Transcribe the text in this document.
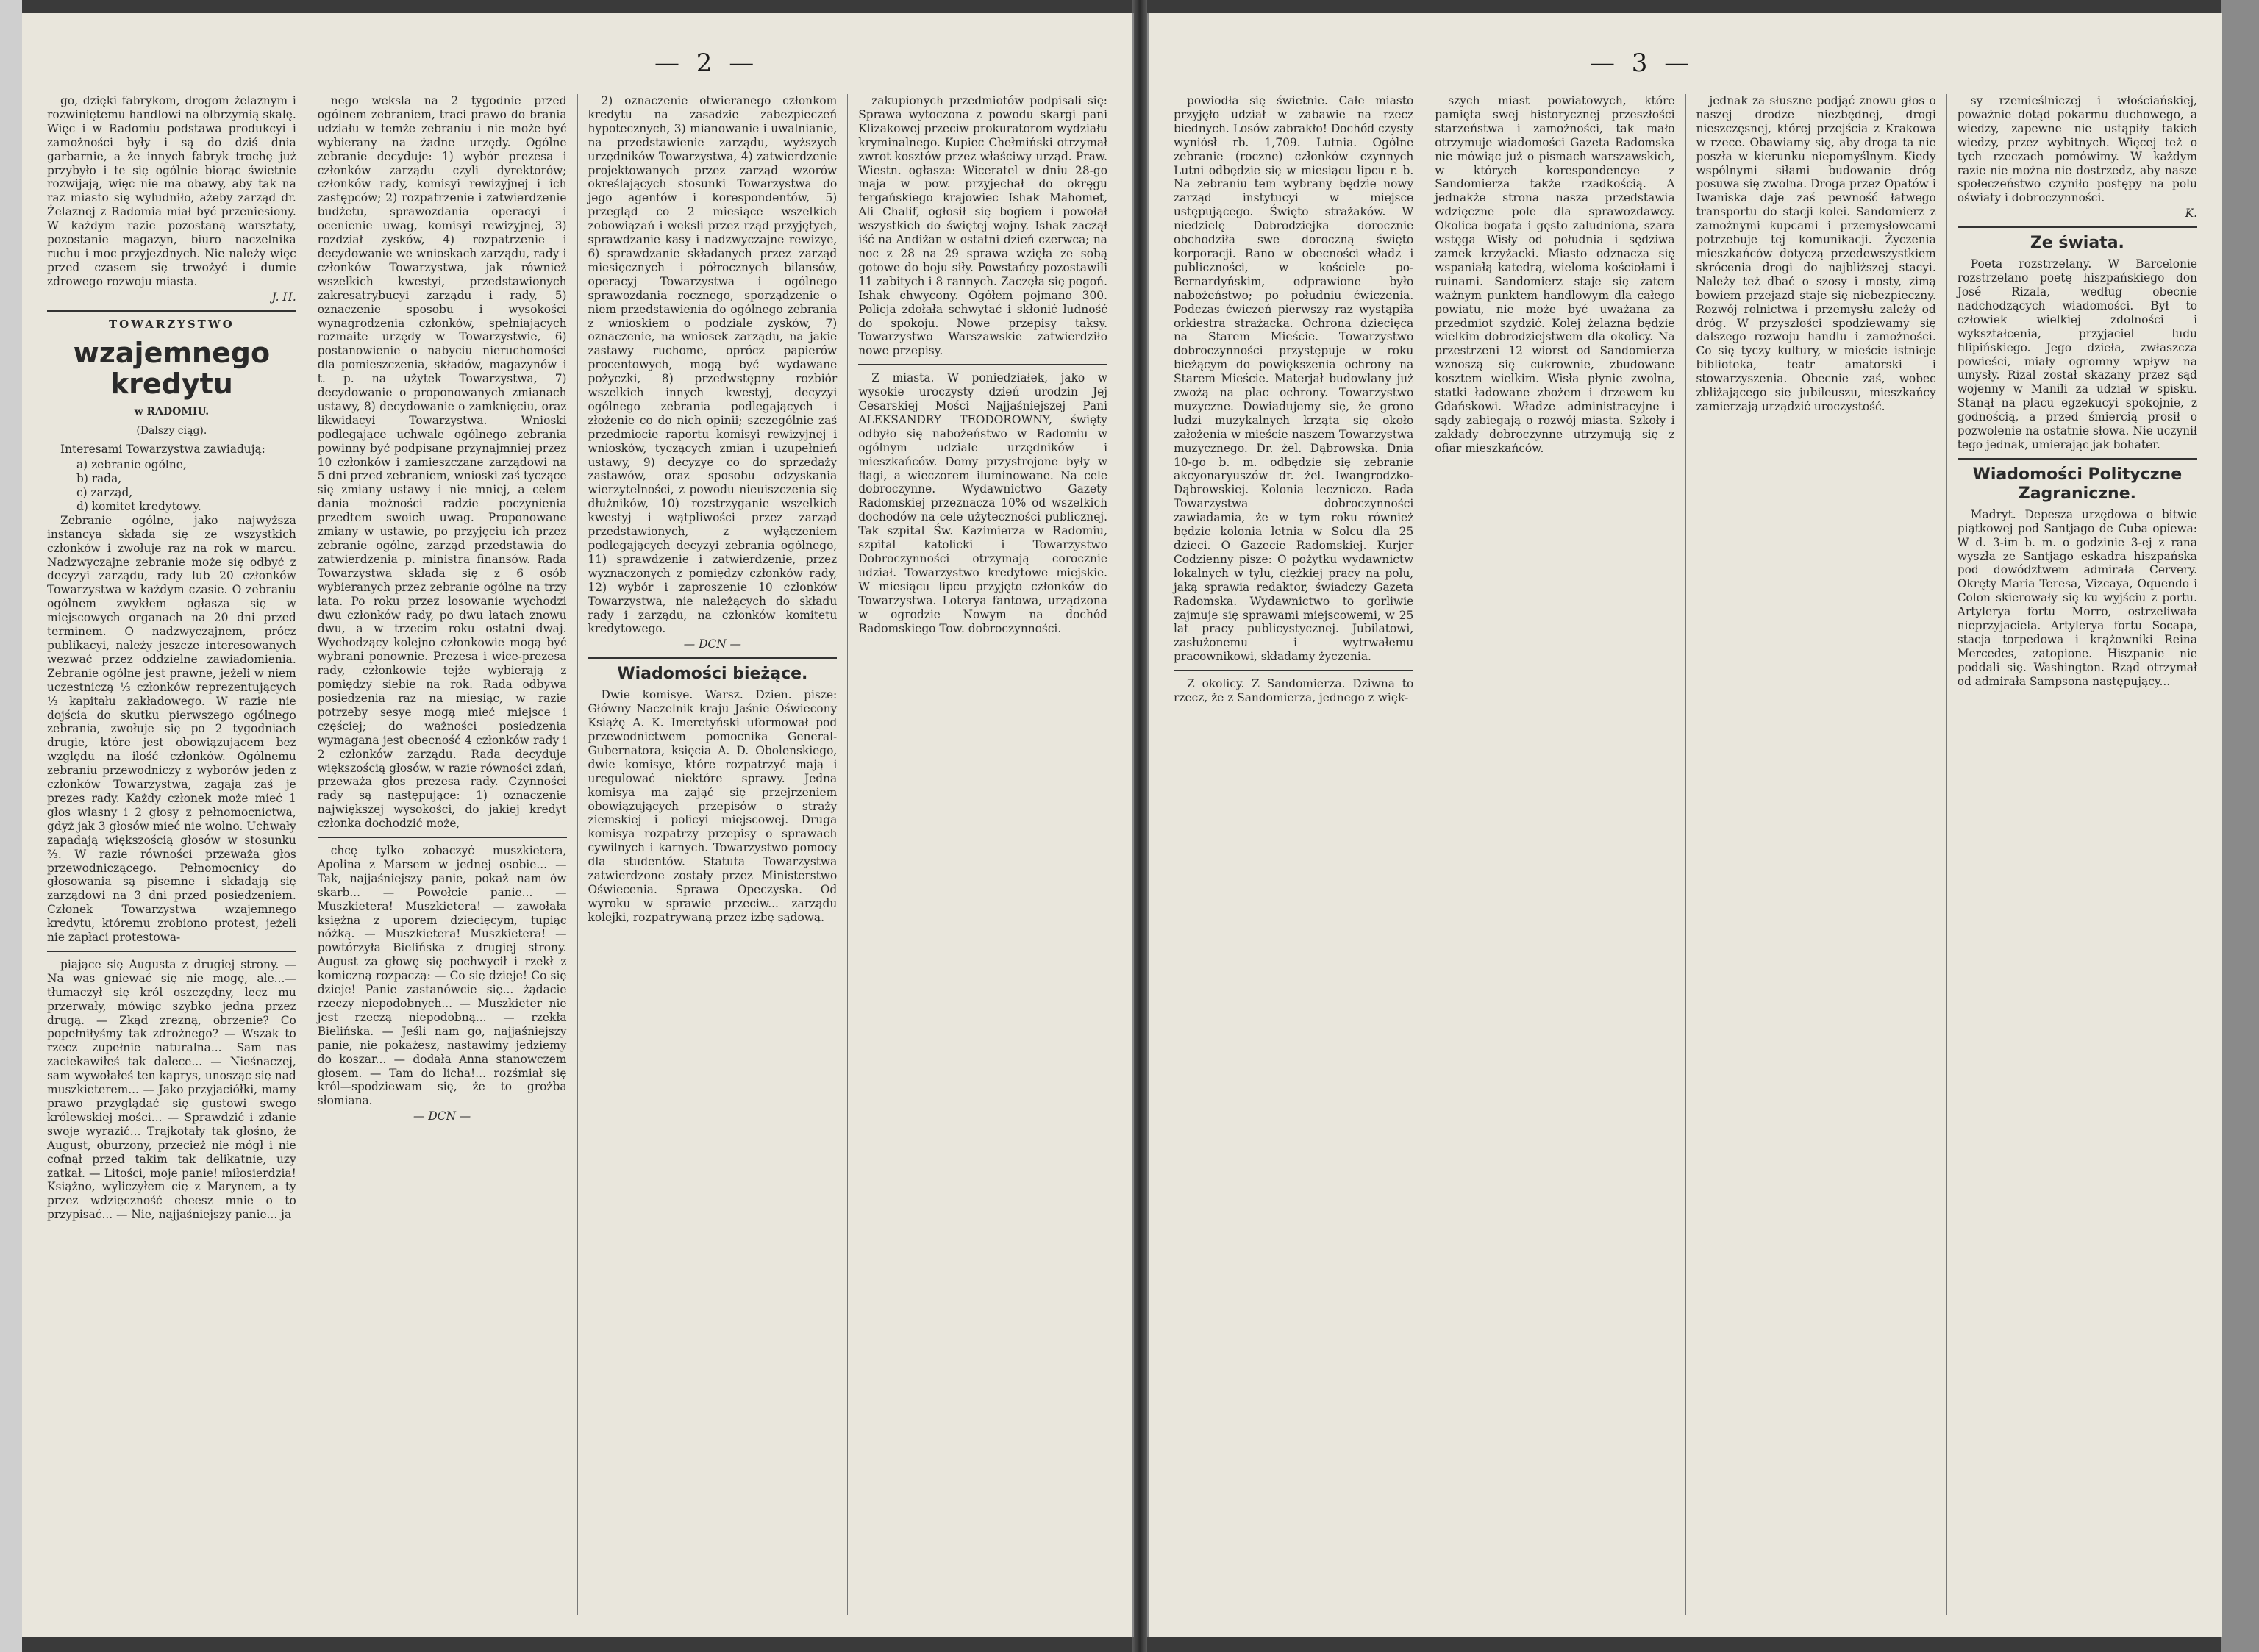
— 2 —

go, dzięki fabrykom, drogom żelaznym i rozwiniętemu handlowi na olbrzymią skalę. Więc i w Radomiu podstawa produkcyi i zamożności były i są do dziś dnia garbarnie, a że innych fabryk trochę już przybyło i te się ogólnie biorąc świetnie rozwijają, więc nie ma obawy, aby tak na raz miasto się wyludniło, ażeby zarząd dr. Żelaznej z Radomia miał być przeniesiony. W każdym razie pozostaną warsztaty, pozostanie magazyn, biuro naczelnika ruchu i moc przyjezdnych. Nie należy więc przed czasem się trwożyć i dumie zdrowego rozwoju miasta.

J. H.
TOWARZYSTWO
wzajemnego kredytu
w RADOMIU.
(Dalszy ciąg).

Interesami Towarzystwa zawiadują:

a) zebranie ogólne,
b) rada,
c) zarząd,
d) komitet kredytowy.

Zebranie ogólne, jako najwyższa instancya składa się ze wszystkich członków i zwołuje raz na rok w marcu. Nadzwyczajne zebranie może się odbyć z decyzyi zarządu, rady lub 20 członków Towarzystwa w każdym czasie. O zebraniu ogólnem zwykłem ogłasza się w miejscowych organach na 20 dni przed terminem. O nadzwyczajnem, prócz publikacyi, należy jeszcze interesowanych wezwać przez oddzielne zawiadomienia. Zebranie ogólne jest prawne, jeżeli w niem uczestniczą ⅓ członków reprezentujących ⅓ kapitału zakładowego. W razie nie dojścia do skutku pierwszego ogólnego zebrania, zwołuje się po 2 tygodniach drugie, które jest obowiązującem bez względu na ilość członków. Ogólnemu zebraniu przewodniczy z wyborów jeden z członków Towarzystwa, zagaja zaś je prezes rady. Każdy członek może mieć 1 głos własny i 2 głosy z pełnomocnictwa, gdyż jak 3 głosów mieć nie wolno. Uchwały zapadają większością głosów w stosunku ⅔. W razie równości przeważa głos przewodniczącego. Pełnomocnicy do głosowania są pisemne i składają się zarządowi na 3 dni przed posiedzeniem. Członek Towarzystwa wzajemnego kredytu, któremu zrobiono protest, jeżeli nie zapłaci protestowa-

piające się Augusta z drugiej strony. — Na was gniewać się nie mogę, ale...—tłumaczył się król oszczędny, lecz mu przerwały, mówiąc szybko jedna przez drugą. — Zkąd zrezną, obrzenie? Co popełniłyśmy tak zdrożnego? — Wszak to rzecz zupełnie naturalna... Sam nas zaciekawiłeś tak dalece... — Nieśnaczej, sam wywołałeś ten kaprys, unosząc się nad muszkieterem... — Jako przyjaciółki, mamy prawo przyglądać się gustowi swego królewskiej mości... — Sprawdzić i zdanie swoje wyrazić... Trajkotały tak głośno, że August, oburzony, przecież nie mógł i nie cofnął przed takim tak delikatnie, uzy zatkał. — Litości, moje panie! miłosierdzia! Książno, wyliczyłem cię z Marynem, a ty przez wdzięczność cheesz mnie o to przypisać... — Nie, najjaśniejszy panie... ja

nego weksla na 2 tygodnie przed ogólnem zebraniem, traci prawo do brania udziału w temże zebraniu i nie może być wybierany na żadne urzędy. Ogólne zebranie decyduje: 1) wybór prezesa i członków zarządu czyli dyrektorów; członków rady, komisyi rewizyjnej i ich zastępców; 2) rozpatrzenie i zatwierdzenie budżetu, sprawozdania operacyi i ocenienie uwag, komisyi rewizyjnej, 3) rozdział zysków, 4) rozpatrzenie i decydowanie we wnioskach zarządu, rady i członków Towarzystwa, jak również wszelkich kwestyi, przedstawionych zakresatrybucyi zarządu i rady, 5) oznaczenie sposobu i wysokości wynagrodzenia członków, spełniających rozmaite urzędy w Towarzystwie, 6) postanowienie o nabyciu nieruchomości dla pomieszczenia, składów, magazynów i t. p. na użytek Towarzystwa, 7) decydowanie o proponowanych zmianach ustawy, 8) decydowanie o zamknięciu, oraz likwidacyi Towarzystwa. Wnioski podlegające uchwale ogólnego zebrania powinny być podpisane przynajmniej przez 10 członków i zamieszczane zarządowi na 5 dni przed zebraniem, wnioski zaś tyczące się zmiany ustawy i nie mniej, a celem dania możności radzie poczynienia przedtem swoich uwag. Proponowane zmiany w ustawie, po przyjęciu ich przez zebranie ogólne, zarząd przedstawia do zatwierdzenia p. ministra finansów. Rada Towarzystwa składa się z 6 osób wybieranych przez zebranie ogólne na trzy lata. Po roku przez losowanie wychodzi dwu członków rady, po dwu latach znowu dwu, a w trzecim roku ostatni dwaj. Wychodzący kolejno członkowie mogą być wybrani ponownie. Prezesa i wice-prezesa rady, członkowie tejże wybierają z pomiędzy siebie na rok. Rada odbywa posiedzenia raz na miesiąc, w razie potrzeby sesye mogą mieć miejsce i częściej; do ważności posiedzenia wymagana jest obecność 4 członków rady i 2 członków zarządu. Rada decyduje większością głosów, w razie równości zdań, przeważa głos prezesa rady. Czynności rady są następujące: 1) oznaczenie największej wysokości, do jakiej kredyt członka dochodzić może,

chcę tylko zobaczyć muszkietera, Apolina z Marsem w jednej osobie... — Tak, najjaśniejszy panie, pokaż nam ów skarb... — Powołcie panie... — Muszkietera! Muszkietera! — zawołała księżna z uporem dziecięcym, tupiąc nóżką. — Muszkietera! Muszkietera! — powtórzyła Bielińska z drugiej strony. August za głowę się pochwycił i rzekł z komiczną rozpaczą: — Co się dzieje! Co się dzieje! Panie zastanówcie się... żądacie rzeczy niepodobnych... — Muszkieter nie jest rzeczą niepodobną... — rzekła Bielińska. — Jeśli nam go, najjaśniejszy panie, nie pokażesz, nastawimy jedziemy do koszar... — dodała Anna stanowczem głosem. — Tam do licha!... rozśmiał się król—spodziewam się, że to grożba słomiana.

— DCN —

2) oznaczenie otwieranego członkom kredytu na zasadzie zabezpieczeń hypotecznych, 3) mianowanie i uwalnianie, na przedstawienie zarządu, wyższych urzędników Towarzystwa, 4) zatwierdzenie projektowanych przez zarząd wzorów określających stosunki Towarzystwa do jego agentów i korespondentów, 5) przegląd co 2 miesiące wszelkich zobowiązań i weksli przez rząd przyjętych, sprawdzanie kasy i nadzwyczajne rewizye, 6) sprawdzanie składanych przez zarząd miesięcznych i półrocznych bilansów, operacyj Towarzystwa i ogólnego sprawozdania rocznego, sporządzenie o niem przedstawienia do ogólnego zebrania z wnioskiem o podziale zysków, 7) oznaczenie, na wniosek zarządu, na jakie zastawy ruchome, oprócz papierów procentowych, mogą być wydawane pożyczki, 8) przedwstępny rozbiór wszelkich innych kwestyj, decyzyi ogólnego zebrania podlegających i złożenie co do nich opinii; szczególnie zaś przedmiocie raportu komisyi rewizyjnej i wniosków, tyczących zmian i uzupełnień ustawy, 9) decyzye co do sprzedaży zastawów, oraz sposobu odzyskania wierzytelności, z powodu nieuiszczenia się dłużników, 10) rozstrzyganie wszelkich kwestyj i wątpliwości przez zarząd przedstawionych, z wyłączeniem podlegających decyzyi zebrania ogólnego, 11) sprawdzenie i zatwierdzenie, przez wyznaczonych z pomiędzy członków rady, 12) wybór i zaproszenie 10 członków Towarzystwa, nie należących do składu rady i zarządu, na członków komitetu kredytowego.

— DCN —
Wiadomości bieżące.

Dwie komisye. Warsz. Dzien. pisze: Główny Naczelnik kraju Jaśnie Oświecony Książę A. K. Imeretyński uformował pod przewodnictwem pomocnika General-Gubernatora, księcia A. D. Obolenskiego, dwie komisye, które rozpatrzyć mają i uregulować niektóre sprawy. Jedna komisya ma zająć się przejrzeniem obowiązujących przepisów o straży ziemskiej i policyi miejscowej. Druga komisya rozpatrzy przepisy o sprawach cywilnych i karnych. Towarzystwo pomocy dla studentów. Statuta Towarzystwa zatwierdzone zostały przez Ministerstwo Oświecenia. Sprawa Opeczyska. Od wyroku w sprawie przeciw... zarządu kolejki, rozpatrywaną przez izbę sądową.

zakupionych przedmiotów podpisali się: Sprawa wytoczona z powodu skargi pani Klizakowej przeciw prokuratorom wydziału kryminalnego. Kupiec Chełmiński otrzymał zwrot kosztów przez właściwy urząd. Praw. Wiestn. ogłasza: Wiceratel w dniu 28-go maja w pow. przyjechał do okręgu fergańskiego krajowiec Ishak Mahomet, Ali Chalif, ogłosił się bogiem i powołał wszystkich do świętej wojny. Ishak zaczął iść na Andiżan w ostatni dzień czerwca; na noc z 28 na 29 sprawa wzięła ze sobą gotowe do boju siły. Powstańcy pozostawili 11 zabitych i 8 rannych. Zaczęła się pogoń. Ishak chwycony. Ogółem pojmano 300. Policja zdołała schwytać i skłonić ludność do spokoju. Nowe przepisy taksy. Towarzystwo Warszawskie zatwierdziło nowe przepisy.

Z miasta. W poniedziałek, jako w wysokie uroczysty dzień urodzin Jej Cesarskiej Mości Najjaśniejszej Pani ALEKSANDRY TEODOROWNY, święty odbyło się nabożeństwo w Radomiu w ogólnym udziale urzędników i mieszkańców. Domy przystrojone były w flagi, a wieczorem iluminowane. Na cele dobroczynne. Wydawnictwo Gazety Radomskiej przeznacza 10% od wszelkich dochodów na cele użyteczności publicznej. Tak szpital Św. Kazimierza w Radomiu, szpital katolicki i Towarzystwo Dobroczynności otrzymają corocznie udział. Towarzystwo kredytowe miejskie. W miesiącu lipcu przyjęto członków do Towarzystwa. Loterya fantowa, urządzona w ogrodzie Nowym na dochód Radomskiego Tow. dobroczynności.

— 3 —

powiodła się świetnie. Całe miasto przyjęło udział w zabawie na rzecz biednych. Losów zabrakło! Dochód czysty wyniósł rb. 1,709. Lutnia. Ogólne zebranie (roczne) członków czynnych Lutni odbędzie się w miesiącu lipcu r. b. Na zebraniu tem wybrany będzie nowy zarząd instytucyi w miejsce ustępującego. Święto strażaków. W niedzielę Dobrodziejka dorocznie obchodziła swe doroczną święto korporacji. Rano w obecności władz i publiczności, w kościele po-Bernardyńskim, odprawione było nabożeństwo; po południu ćwiczenia. Podczas ćwiczeń pierwszy raz wystąpiła orkiestra strażacka. Ochrona dziecięca na Starem Mieście. Towarzystwo dobroczynności przystępuje w roku bieżącym do powiększenia ochrony na Starem Mieście. Materjał budowlany już zwożą na plac ochrony. Towarzystwo muzyczne. Dowiadujemy się, że grono ludzi muzykalnych krząta się około założenia w mieście naszem Towarzystwa muzycznego. Dr. żel. Dąbrowska. Dnia 10-go b. m. odbędzie się zebranie akcyonaryuszów dr. żel. Iwangrodzko-Dąbrowskiej. Kolonia leczniczo. Rada Towarzystwa dobroczynności zawiadamia, że w tym roku również będzie kolonia letnia w Solcu dla 25 dzieci. O Gazecie Radomskiej. Kurjer Codzienny pisze: O pożytku wydawnictw lokalnych w tylu, ciężkiej pracy na polu, jaką sprawia redaktor, świadczy Gazeta Radomska. Wydawnictwo to gorliwie zajmuje się sprawami miejscowemi, w 25 lat pracy publicystycznej. Jubilatowi, zasłużonemu i wytrwałemu pracownikowi, składamy życzenia.

Z okolicy. Z Sandomierza. Dziwna to rzecz, że z Sandomierza, jednego z więk-

szych miast powiatowych, które pamięta swej historycznej przeszłości starzeństwa i zamożności, tak mało otrzymuje wiadomości Gazeta Radomska nie mówiąc już o pismach warszawskich, w których korespondencye z Sandomierza także rzadkością. A jednakże strona nasza przedstawia wdzięczne pole dla sprawozdawcy. Okolica bogata i gęsto zaludniona, szara wstęga Wisły od południa i sędziwa zamek krzyżacki. Miasto odznacza się wspaniałą katedrą, wieloma kościołami i ruinami. Sandomierz staje się zatem ważnym punktem handlowym dla całego powiatu, nie może być uważana za przedmiot szydzić. Kolej żelazna będzie wielkim dobrodziejstwem dla okolicy. Na przestrzeni 12 wiorst od Sandomierza wznoszą się cukrownie, zbudowane kosztem wielkim. Wisła płynie zwolna, statki ładowane zbożem i drzewem ku Gdańskowi. Władze administracyjne i sądy zabiegają o rozwój miasta. Szkoły i zakłady dobroczynne utrzymują się z ofiar mieszkańców.

jednak za słuszne podjąć znowu głos o naszej drodze niezbędnej, drogi nieszczęsnej, której przejścia z Krakowa w rzece. Obawiamy się, aby droga ta nie poszła w kierunku niepomyślnym. Kiedy wspólnymi siłami budowanie dróg posuwa się zwolna. Droga przez Opatów i Iwaniska daje zaś pewność łatwego transportu do stacji kolei. Sandomierz z zamożnymi kupcami i przemysłowcami potrzebuje tej komunikacji. Życzenia mieszkańców dotyczą przedewszystkiem skrócenia drogi do najbliższej stacyi. Należy też dbać o szosy i mosty, zimą bowiem przejazd staje się niebezpieczny. Rozwój rolnictwa i przemysłu zależy od dróg. W przyszłości spodziewamy się dalszego rozwoju handlu i zamożności. Co się tyczy kultury, w mieście istnieje biblioteka, teatr amatorski i stowarzyszenia. Obecnie zaś, wobec zbliżającego się jubileuszu, mieszkańcy zamierzają urządzić uroczystość.

sy rzemieślniczej i włościańskiej, poważnie dotąd pokarmu duchowego, a wiedzy, zapewne nie ustąpiły takich wiedzy, przez wybitnych. Więcej też o tych rzeczach pomówimy. W każdym razie nie można nie dostrzedz, aby nasze społeczeństwo czyniło postępy na polu oświaty i dobroczynności.

K.
Ze świata.

Poeta rozstrzelany. W Barcelonie rozstrzelano poetę hiszpańskiego don José Rizala, według obecnie nadchodzących wiadomości. Był to człowiek wielkiej zdolności i wykształcenia, przyjaciel ludu filipińskiego. Jego dzieła, zwłaszcza powieści, miały ogromny wpływ na umysły. Rizal został skazany przez sąd wojenny w Manili za udział w spisku. Stanął na placu egzekucyi spokojnie, z godnością, a przed śmiercią prosił o pozwolenie na ostatnie słowa. Nie uczynił tego jednak, umierając jak bohater.

Wiadomości Polityczne Zagraniczne.

Madryt. Depesza urzędowa o bitwie piątkowej pod Santjago de Cuba opiewa: W d. 3-im b. m. o godzinie 3-ej z rana wyszła ze Santjago eskadra hiszpańska pod dowództwem admirała Cervery. Okręty Maria Teresa, Vizcaya, Oquendo i Colon skierowały się ku wyjściu z portu. Artylerya fortu Morro, ostrzeliwała nieprzyjaciela. Artylerya fortu Socapa, stacja torpedowa i krążowniki Reina Mercedes, zatopione. Hiszpanie nie poddali się. Washington. Rząd otrzymał od admirała Sampsona następujący...
